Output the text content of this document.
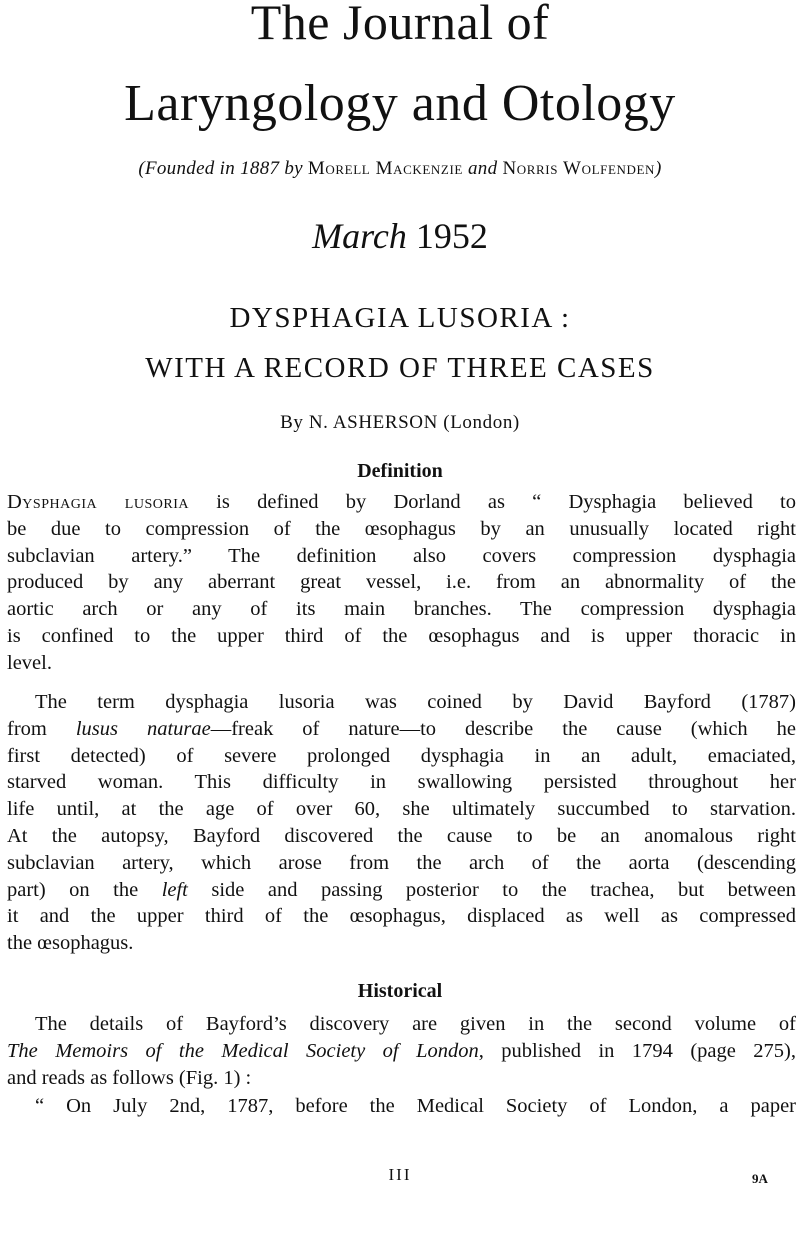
The Journal of
Laryngology and Otology
(Founded in 1887 by Morell Mackenzie and Norris Wolfenden)
March 1952
DYSPHAGIA LUSORIA :
WITH A RECORD OF THREE CASES
By N. ASHERSON (London)
Definition
Dysphagia lusoria is defined by Dorland as “ Dysphagia believed to
be due to compression of the œsophagus by an unusually located right
subclavian artery.” The definition also covers compression dysphagia
produced by any aberrant great vessel, i.e. from an abnormality of the
aortic arch or any of its main branches. The compression dysphagia
is confined to the upper third of the œsophagus and is upper thoracic in
level.
The term dysphagia lusoria was coined by David Bayford (1787)
from lusus naturae—freak of nature—to describe the cause (which he
first detected) of severe prolonged dysphagia in an adult, emaciated,
starved woman. This difficulty in swallowing persisted throughout her
life until, at the age of over 60, she ultimately succumbed to starvation.
At the autopsy, Bayford discovered the cause to be an anomalous right
subclavian artery, which arose from the arch of the aorta (descending
part) on the left side and passing posterior to the trachea, but between
it and the upper third of the œsophagus, displaced as well as compressed
the œsophagus.
Historical
The details of Bayford’s discovery are given in the second volume of
The Memoirs of the Medical Society of London, published in 1794 (page 275),
and reads as follows (Fig. 1) :
“ On July 2nd, 1787, before the Medical Society of London, a paper
III	9A
